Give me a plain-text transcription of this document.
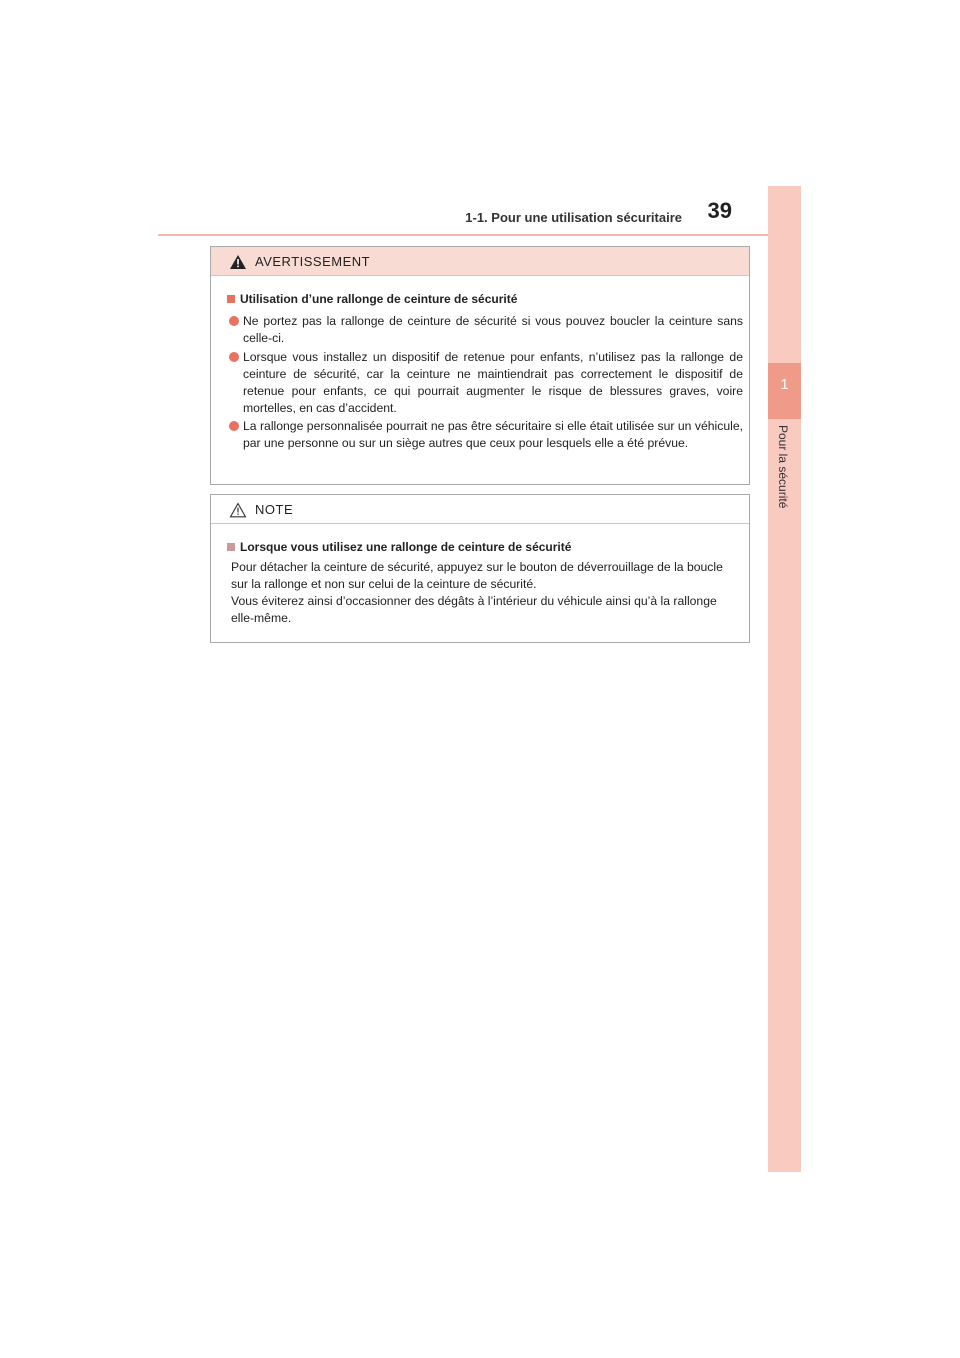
1-1. Pour une utilisation sécuritaire 39
1
Pour la sécurité
AVERTISSEMENT
Utilisation d’une rallonge de ceinture de sécurité
Ne portez pas la rallonge de ceinture de sécurité si vous pouvez boucler la ceinture sans celle-ci.
Lorsque vous installez un dispositif de retenue pour enfants, n’utilisez pas la rallonge de ceinture de sécurité, car la ceinture ne maintiendrait pas correctement le dispositif de retenue pour enfants, ce qui pourrait augmenter le risque de blessures graves, voire mortelles, en cas d’accident.
La rallonge personnalisée pourrait ne pas être sécuritaire si elle était utilisée sur un véhicule, par une personne ou sur un siège autres que ceux pour lesquels elle a été prévue.
NOTE
Lorsque vous utilisez une rallonge de ceinture de sécurité

Pour détacher la ceinture de sécurité, appuyez sur le bouton de déverrouillage de la boucle sur la rallonge et non sur celui de la ceinture de sécurité.

Vous éviterez ainsi d’occasionner des dégâts à l’intérieur du véhicule ainsi qu’à la rallonge elle-même.
